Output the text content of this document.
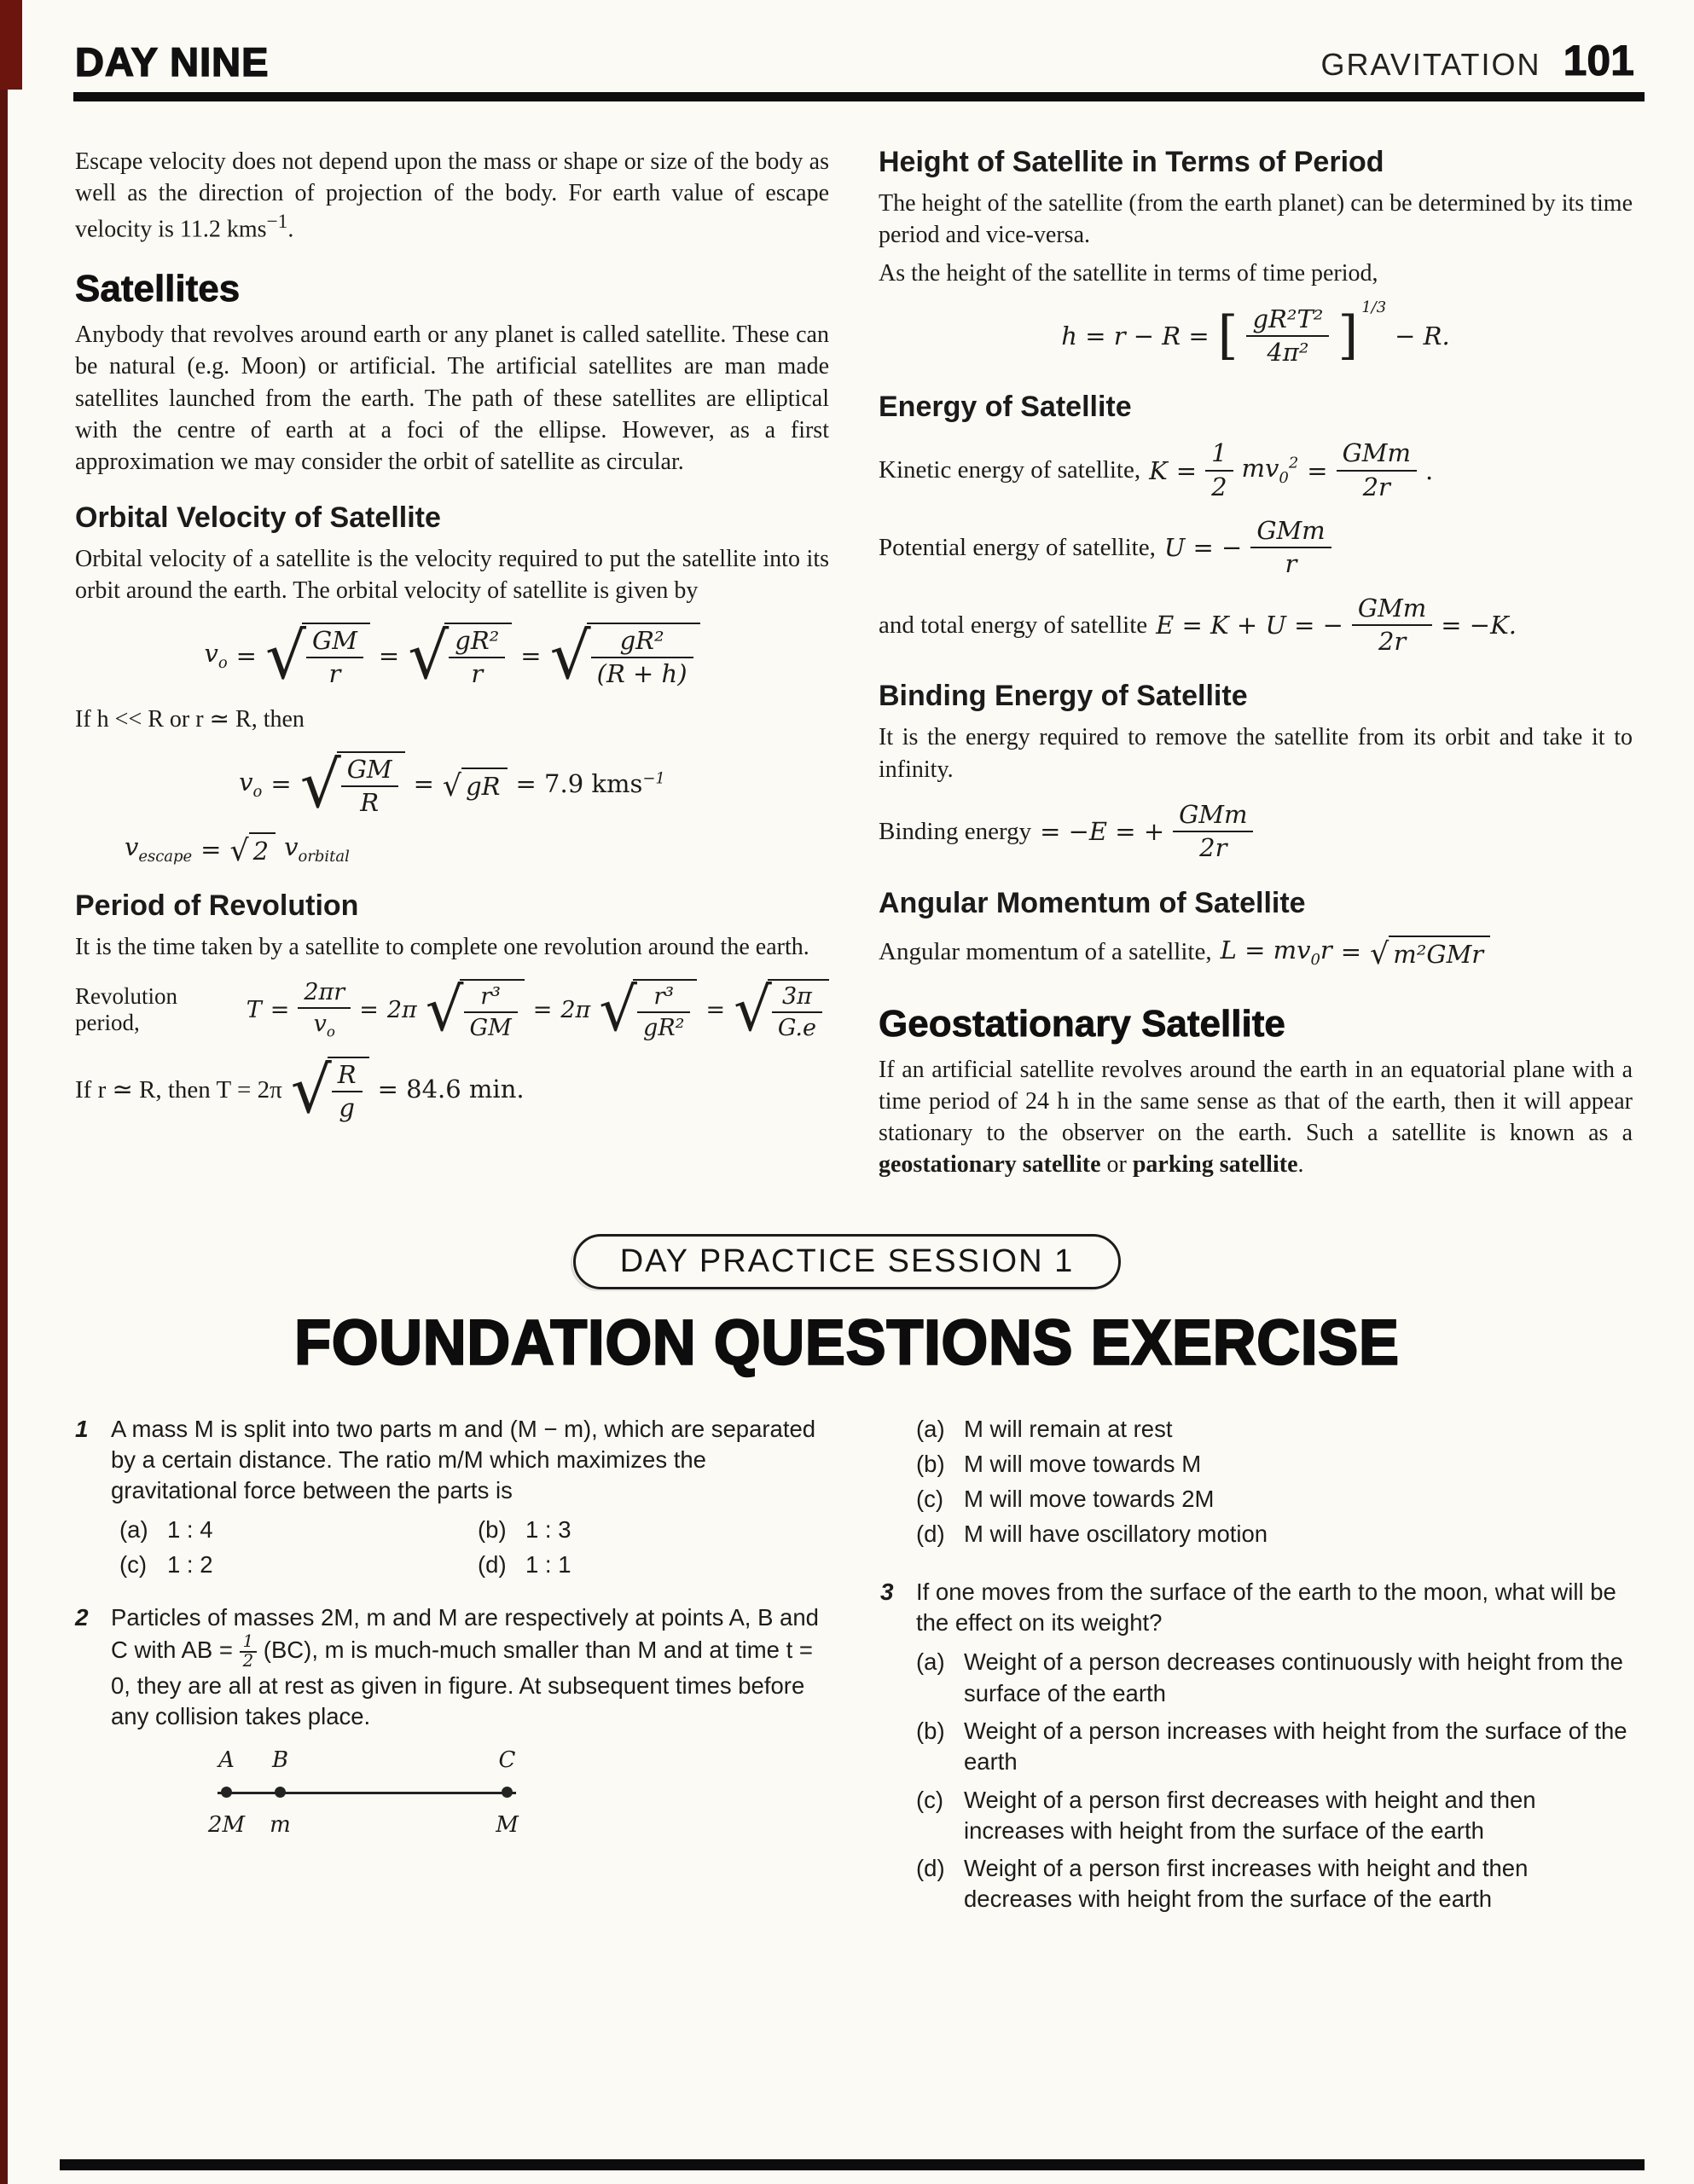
DAY NINE	GRAVITATION 101

Escape velocity does not depend upon the mass or shape or size of the body as well as the direction of projection of the body. For earth value of escape velocity is 11.2 kms$^{-1}$.

Satellites

Anybody that revolves around earth or any planet is called satellite. These can be natural (e.g. Moon) or artificial. The artificial satellites are man made satellites launched from the earth. The path of these satellites are elliptical with the centre of earth at a foci of the ellipse. However, as a first approximation we may consider the orbit of satellite as circular.

Orbital Velocity of Satellite

Orbital velocity of a satellite is the velocity required to put the satellite into its orbit around the earth. The orbital velocity of satellite is given by

$v_o$ = √ $\frac{GM}{r}$ = √ $\frac{\text{gR²}}{r}$ = √ $\frac{\text{gR²}}{(R + h)}$

If h << R or r ≃ R, then

$v_o$ = √ $\frac{GM}{R}$ = √ gR = 7.9 kms$^{-1}$
$v_{escape}$ = √ 2 $v_{orbital}$
Period of Revolution

It is the time taken by a satellite to complete one revolution around the earth.

Revolution period,	$T = \frac{2\pi r}{v_o} = 2\pi$ √ $\frac{\text{r³}}{GM} = 2\pi$ √ $\frac{\text{r³}}{\text{gR²}}$ = √ $\frac{3\pi}{G.e}$
If r ≃ R, then T = 2π √ $\frac{R}{g} = 84.6$ min.
Height of Satellite in Terms of Period

The height of the satellite (from the earth planet) can be determined by its time period and vice-versa.

As the height of the satellite in terms of time period,

h = r − R = [ $\frac{\text{gR²T²}}{\text{4π²}}$ ] 1/3
− R.
Energy of Satellite
Kinetic energy of satellite, $K = \frac{1}{2} mv_0^2 = \frac{\text{GMm}}{2r}$ .
Potential energy of satellite, U = − $\frac{\text{GMm}}{r}$
and total energy of satellite E = K + U = − $\frac{\text{GMm}}{2r} = -K$.
Binding Energy of Satellite

It is the energy required to remove the satellite from its orbit and take it to infinity.

Binding energy = −E = + $\frac{\text{GMm}}{2r}$
Angular Momentum of Satellite
Angular momentum of a satellite, $L = mv_0r$ = √ m²GMr
Geostationary Satellite

If an artificial satellite revolves around the earth in an equatorial plane with a time period of 24 h in the same sense as that of the earth, then it will appear stationary to the observer on the earth. Such a satellite is known as a geostationary satellite or parking satellite.

DAY PRACTICE SESSION 1
FOUNDATION QUESTIONS EXERCISE
1 A mass M is split into two parts m and (M − m), which are separated by a certain distance. The ratio m/M which maximizes the gravitational force between the parts is

(a) 1 : 4	(b) 1 : 3
(c) 1 : 2	(d) 1 : 1
2 Particles of masses 2M, m and M are respectively at points A, B and C with AB = $\frac{1}{2} (BC)$, m is much-much smaller than M and at time t = 0, they are all at rest as given in figure. At subsequent times before any collision takes place.

A B	C
2M m	M
(a) M will remain at rest
(b) M will move towards M
(c) M will move towards 2M
(d) M will have oscillatory motion
3 If one moves from the surface of the earth to the moon, what will be the effect on its weight?

(a) Weight of a person decreases continuously with height from the surface of the earth
(b) Weight of a person increases with height from the surface of the earth
(c) Weight of a person first decreases with height and then increases with height from the surface of the earth
(d) Weight of a person first increases with height and then decreases with height from the surface of the earth
